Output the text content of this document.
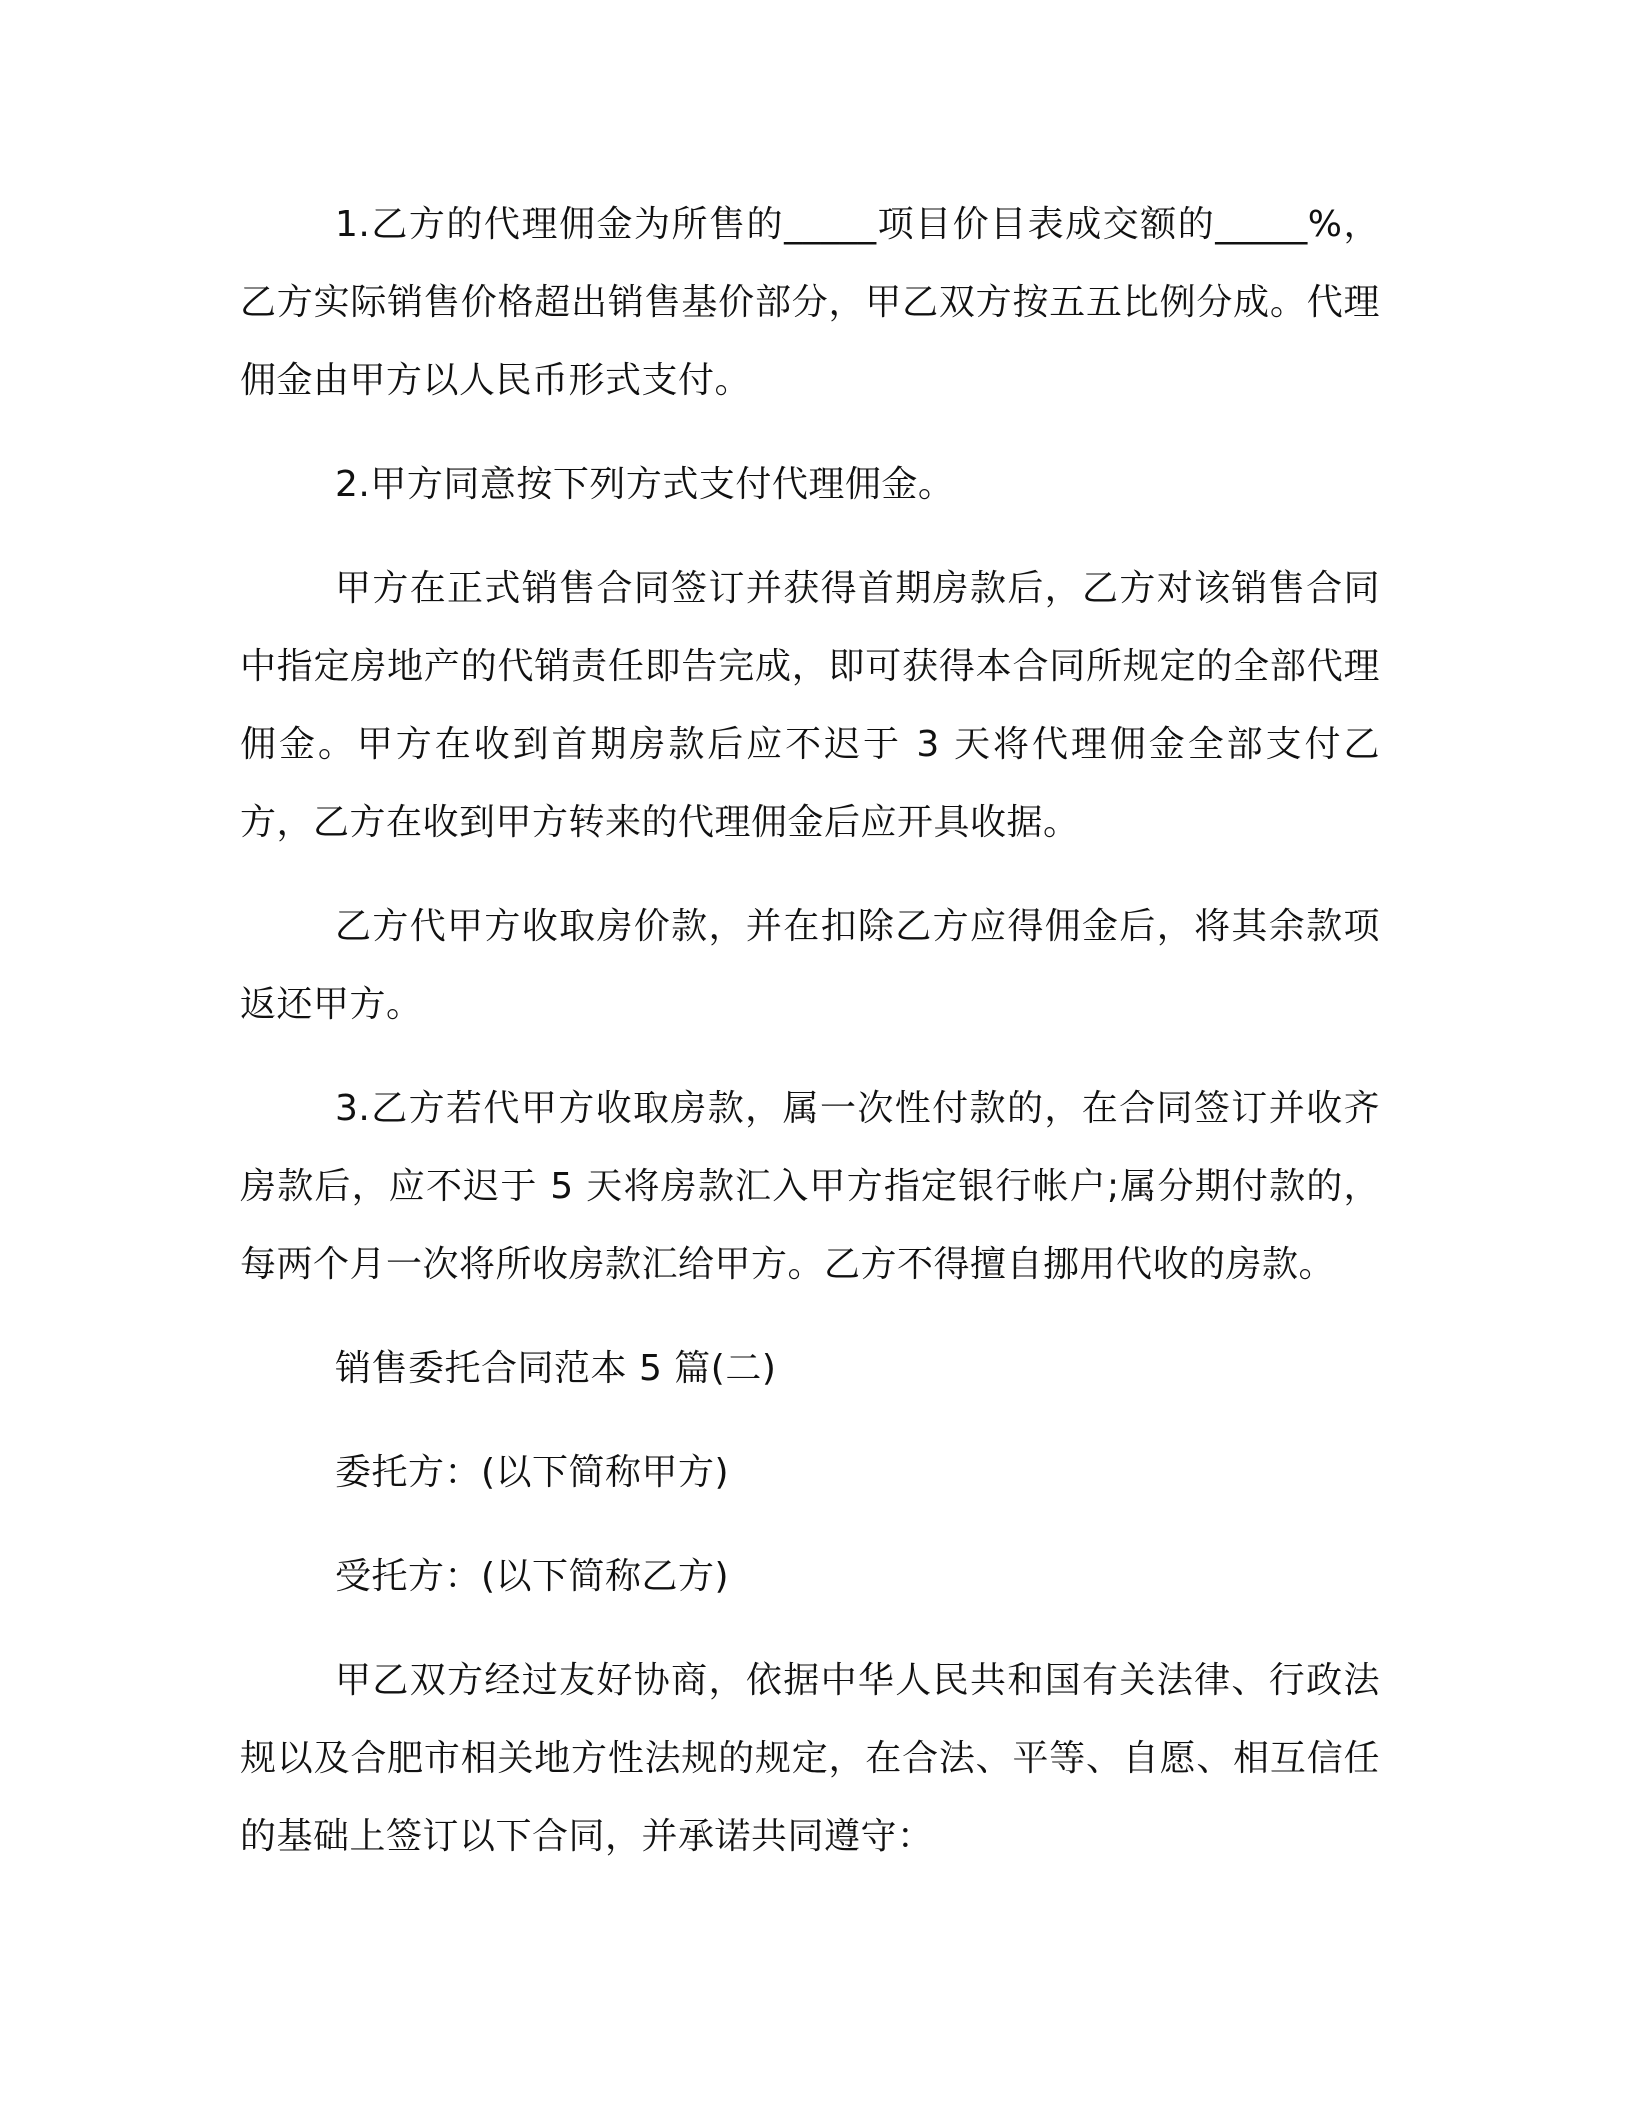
1.乙方的代理佣金为所售的_____项目价目表成交额的_____%，乙方实际销售价格超出销售基价部分，甲乙双方按五五比例分成。代理佣金由甲方以人民币形式支付。

2.甲方同意按下列方式支付代理佣金。

甲方在正式销售合同签订并获得首期房款后，乙方对该销售合同中指定房地产的代销责任即告完成，即可获得本合同所规定的全部代理佣金。甲方在收到首期房款后应不迟于 3 天将代理佣金全部支付乙方，乙方在收到甲方转来的代理佣金后应开具收据。

乙方代甲方收取房价款，并在扣除乙方应得佣金后，将其余款项返还甲方。

3.乙方若代甲方收取房款，属一次性付款的，在合同签订并收齐房款后，应不迟于 5 天将房款汇入甲方指定银行帐户;属分期付款的，每两个月一次将所收房款汇给甲方。乙方不得擅自挪用代收的房款。

销售委托合同范本 5 篇(二)

委托方：(以下简称甲方)

受托方：(以下简称乙方)

甲乙双方经过友好协商，依据中华人民共和国有关法律、行政法规以及合肥市相关地方性法规的规定，在合法、平等、自愿、相互信任的基础上签订以下合同，并承诺共同遵守：
